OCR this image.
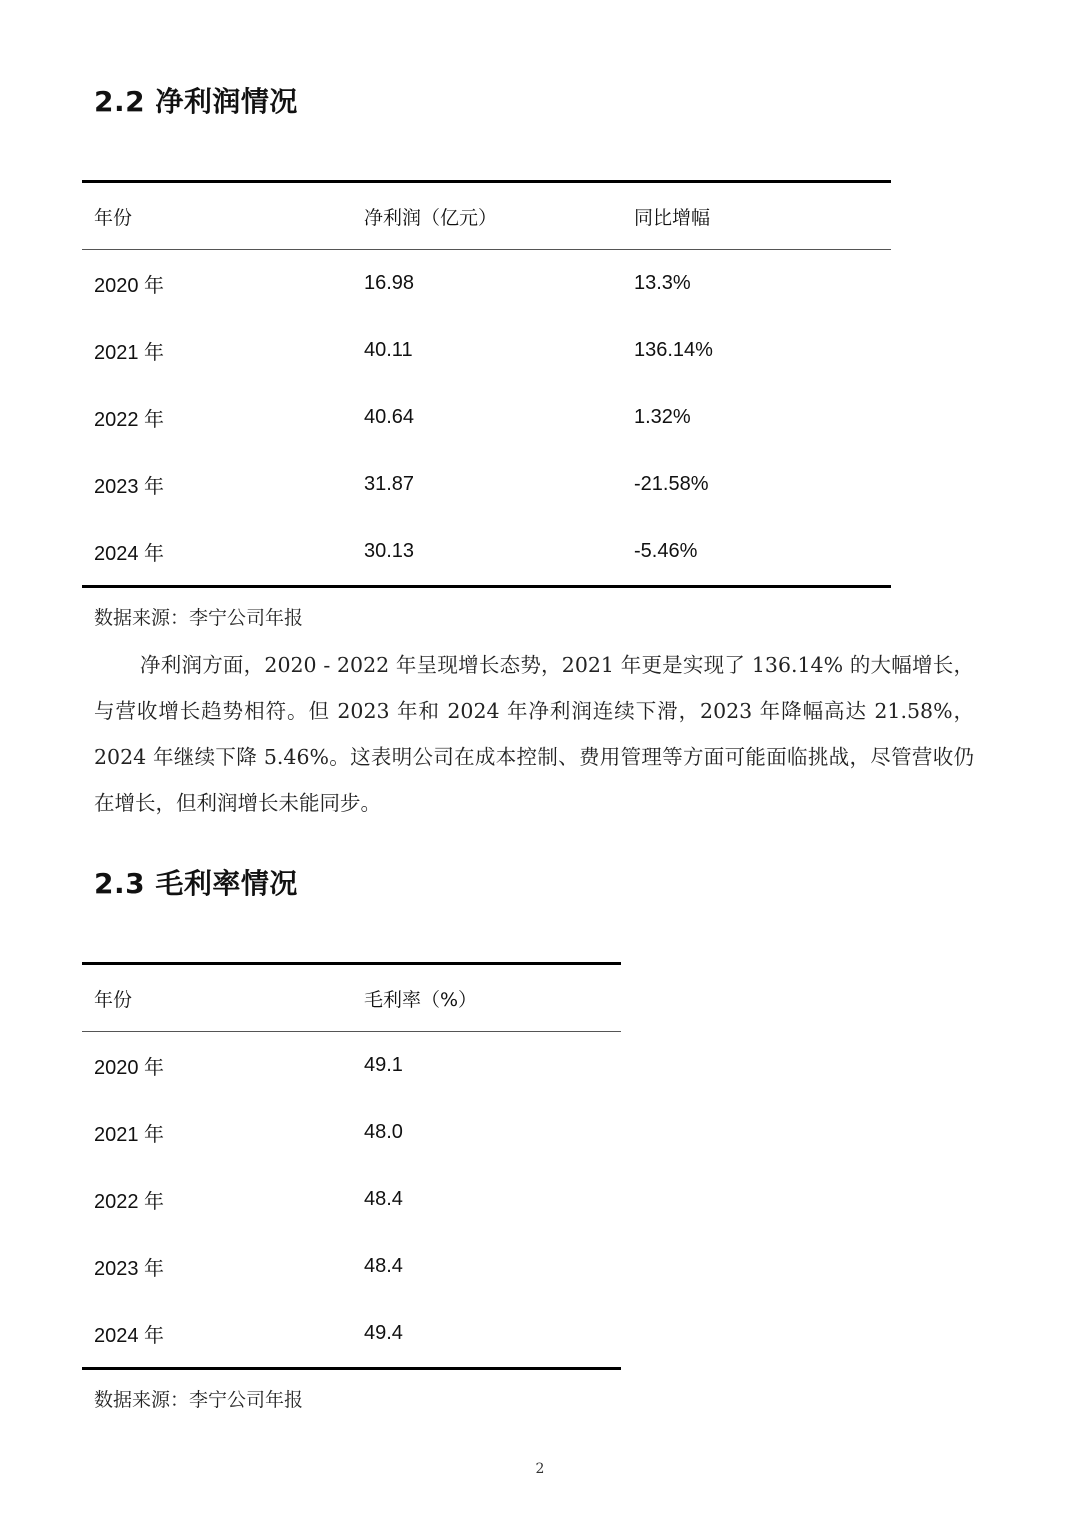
2.2 净利润情况
年份	净利润（亿元）	同比增幅
2020 年	16.98	13.3%
2021 年	40.11	136.14%
2022 年	40.64	1.32%
2023 年	31.87	-21.58%
2024 年	30.13	-5.46%

数据来源：李宁公司年报

净利润方面，2020 - 2022 年呈现增长态势，2021 年更是实现了 136.14% 的大幅增长，与营收增长趋势相符。但 2023 年和 2024 年净利润连续下滑，2023 年降幅高达 21.58%，2024 年继续下降 5.46%。这表明公司在成本控制、费用管理等方面可能面临挑战，尽管营收仍在增长，但利润增长未能同步。

2.3 毛利率情况
年份	毛利率（%）
2020 年	49.1
2021 年	48.0
2022 年	48.4
2023 年	48.4
2024 年	49.4

数据来源：李宁公司年报

2
